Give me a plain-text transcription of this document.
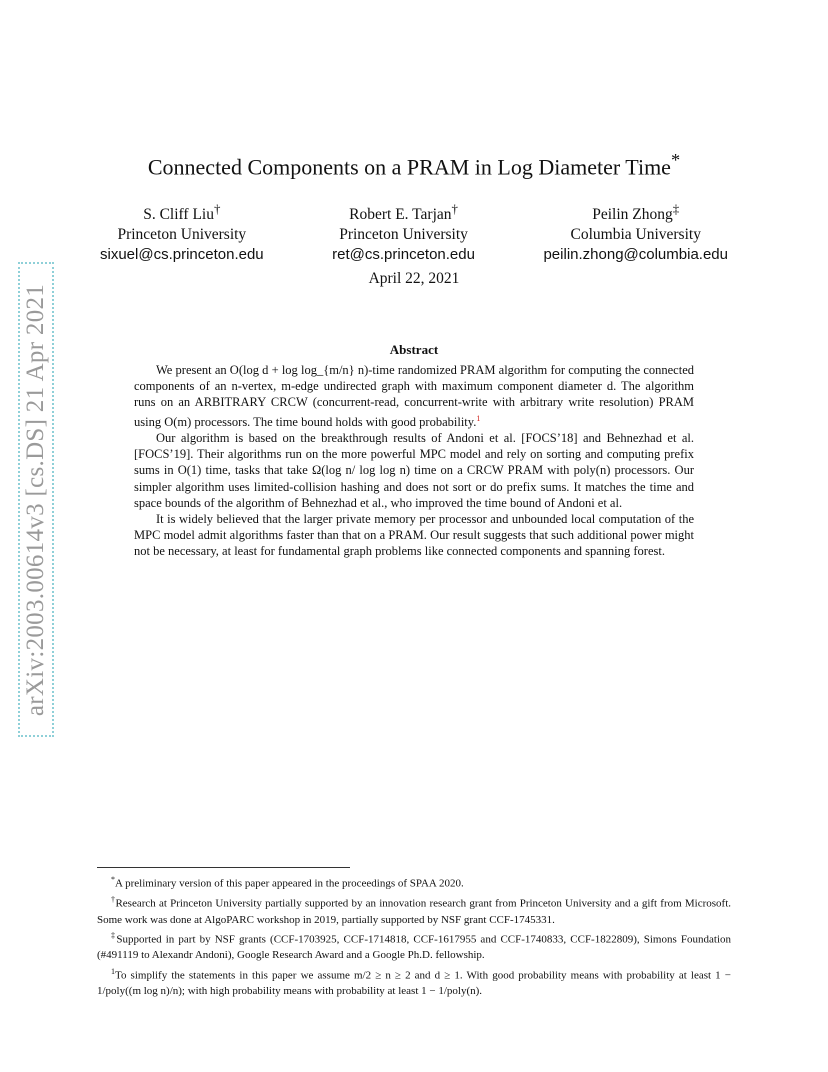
arXiv:2003.00614v3 [cs.DS] 21 Apr 2021
Connected Components on a PRAM in Log Diameter Time*
S. Cliff Liu†
Princeton University
sixuel@cs.princeton.edu
Robert E. Tarjan†
Princeton University
ret@cs.princeton.edu
Peilin Zhong‡
Columbia University
peilin.zhong@columbia.edu
April 22, 2021
Abstract

We present an O(log d + log log_{m/n} n)-time randomized PRAM algorithm for computing the connected components of an n-vertex, m-edge undirected graph with maximum component diameter d. The algorithm runs on an ARBITRARY CRCW (concurrent-read, concurrent-write with arbitrary write resolution) PRAM using O(m) processors. The time bound holds with good probability.$^1$

Our algorithm is based on the breakthrough results of Andoni et al. [FOCS’18] and Behnezhad et al. [FOCS’19]. Their algorithms run on the more powerful MPC model and rely on sorting and computing prefix sums in O(1) time, tasks that take Ω(log n/ log log n) time on a CRCW PRAM with poly(n) processors. Our simpler algorithm uses limited-collision hashing and does not sort or do prefix sums. It matches the time and space bounds of the algorithm of Behnezhad et al., who improved the time bound of Andoni et al.

It is widely believed that the larger private memory per processor and unbounded local computation of the MPC model admit algorithms faster than that on a PRAM. Our result suggests that such additional power might not be necessary, at least for fundamental graph problems like connected components and spanning forest.

*A preliminary version of this paper appeared in the proceedings of SPAA 2020.

†Research at Princeton University partially supported by an innovation research grant from Princeton University and a gift from Microsoft. Some work was done at AlgoPARC workshop in 2019, partially supported by NSF grant CCF-1745331.

‡Supported in part by NSF grants (CCF-1703925, CCF-1714818, CCF-1617955 and CCF-1740833, CCF-1822809), Simons Foundation (#491119 to Alexandr Andoni), Google Research Award and a Google Ph.D. fellowship.

$^1$To simplify the statements in this paper we assume m/2 ≥ n ≥ 2 and d ≥ 1. With good probability means with probability at least 1 − 1/poly((m log n)/n); with high probability means with probability at least 1 − 1/poly(n).
